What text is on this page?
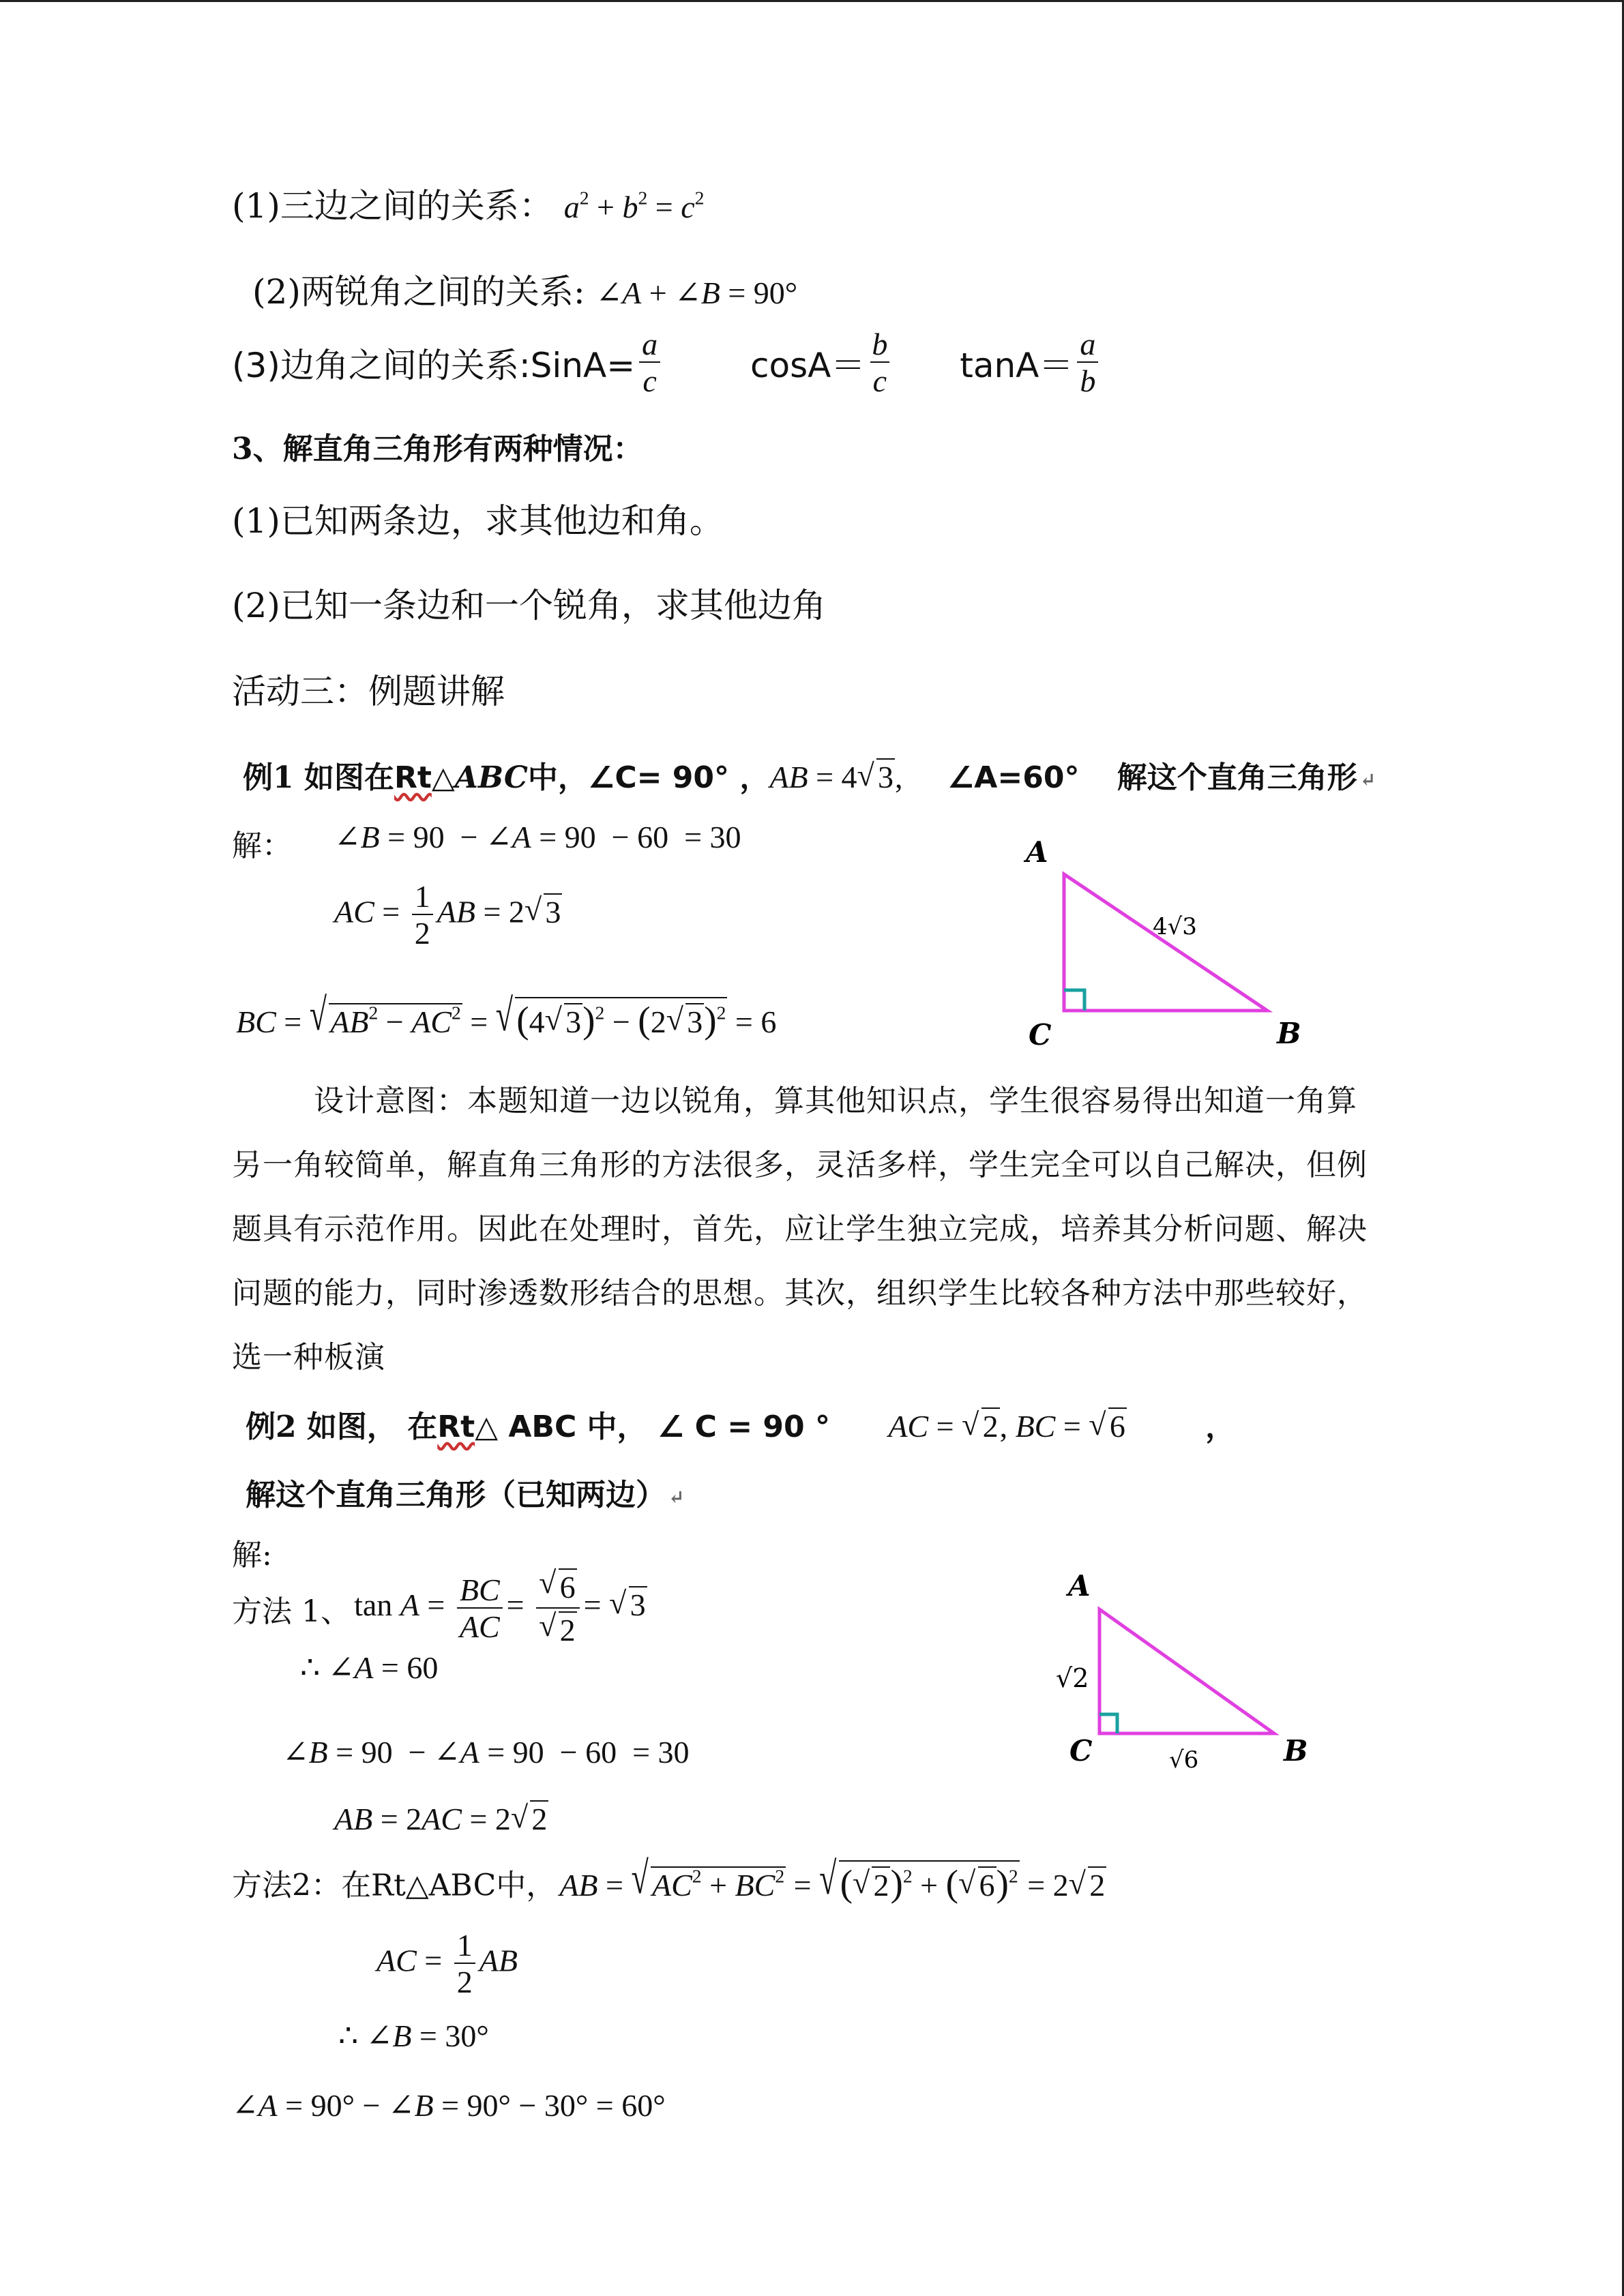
(1)三边之间的关系： $a^2 + b^2 = c^2$
(2)两锐角之间的关系: ∠A + ∠B = 90°
(3)边角之间的关系:SinA= $\frac{a}{c}$	$\cos A= \frac{b}{c} \tan A= \frac{a}{b}$
3、解直角三角形有两种情况：
(1)已知两条边，求其他边和角。
(2)已知一条边和一个锐角，求其他边角
活动三：例题讲解
例1 如图在Rt△ABC中，∠C= 90° ，AB = 4 √ 3, ∠A=60° 解这个直角三角形 ↵
解： ∠B = 90  − ∠A = 90  − 60  = 30
AC = $\frac{1}{2}$ AB = 2 √ 3
BC = √ $AB^2 - AC^2$ = √ (4 √ 3)$^2$ − (2 √ 3)$^2$ = 6
A
C	B
4√3
设计意图：本题知道一边以锐角，算其他知识点，学生很容易得出知道一角算另一角较简单，解直角三角形的方法很多，灵活多样，学生完全可以自己解决，但例题具有示范作用。因此在处理时，首先，应让学生独立完成，培养其分析问题、解决问题的能力，同时渗透数形结合的思想。其次，组织学生比较各种方法中那些较好，选一种板演
例2 如图， 在Rt△ ABC 中， ∠ C = 90 ° AC = √ 2, BC = √ 6	，
解这个直角三角形（已知两边） ↵
解:
方法 1、 $\tan A = \frac{BC}{AC}$ = √ 6
√ 2 = √ 3
∴ ∠A = 60
∠B = 90  − ∠A = 90  − 60  = 30
AB = 2AC = 2 √ 2
A
C	B
√2
√6
方法2：在Rt△ABC中， AB = √ $AC^2 + BC^2$ = √ ( √ 2)$^2$ + ( √ 6)$^2$ = 2 √ 2
AC = $\frac{1}{2}$ AB
∴ ∠B = 30°
∠A = 90° − ∠B = 90° − 30° = 60°
